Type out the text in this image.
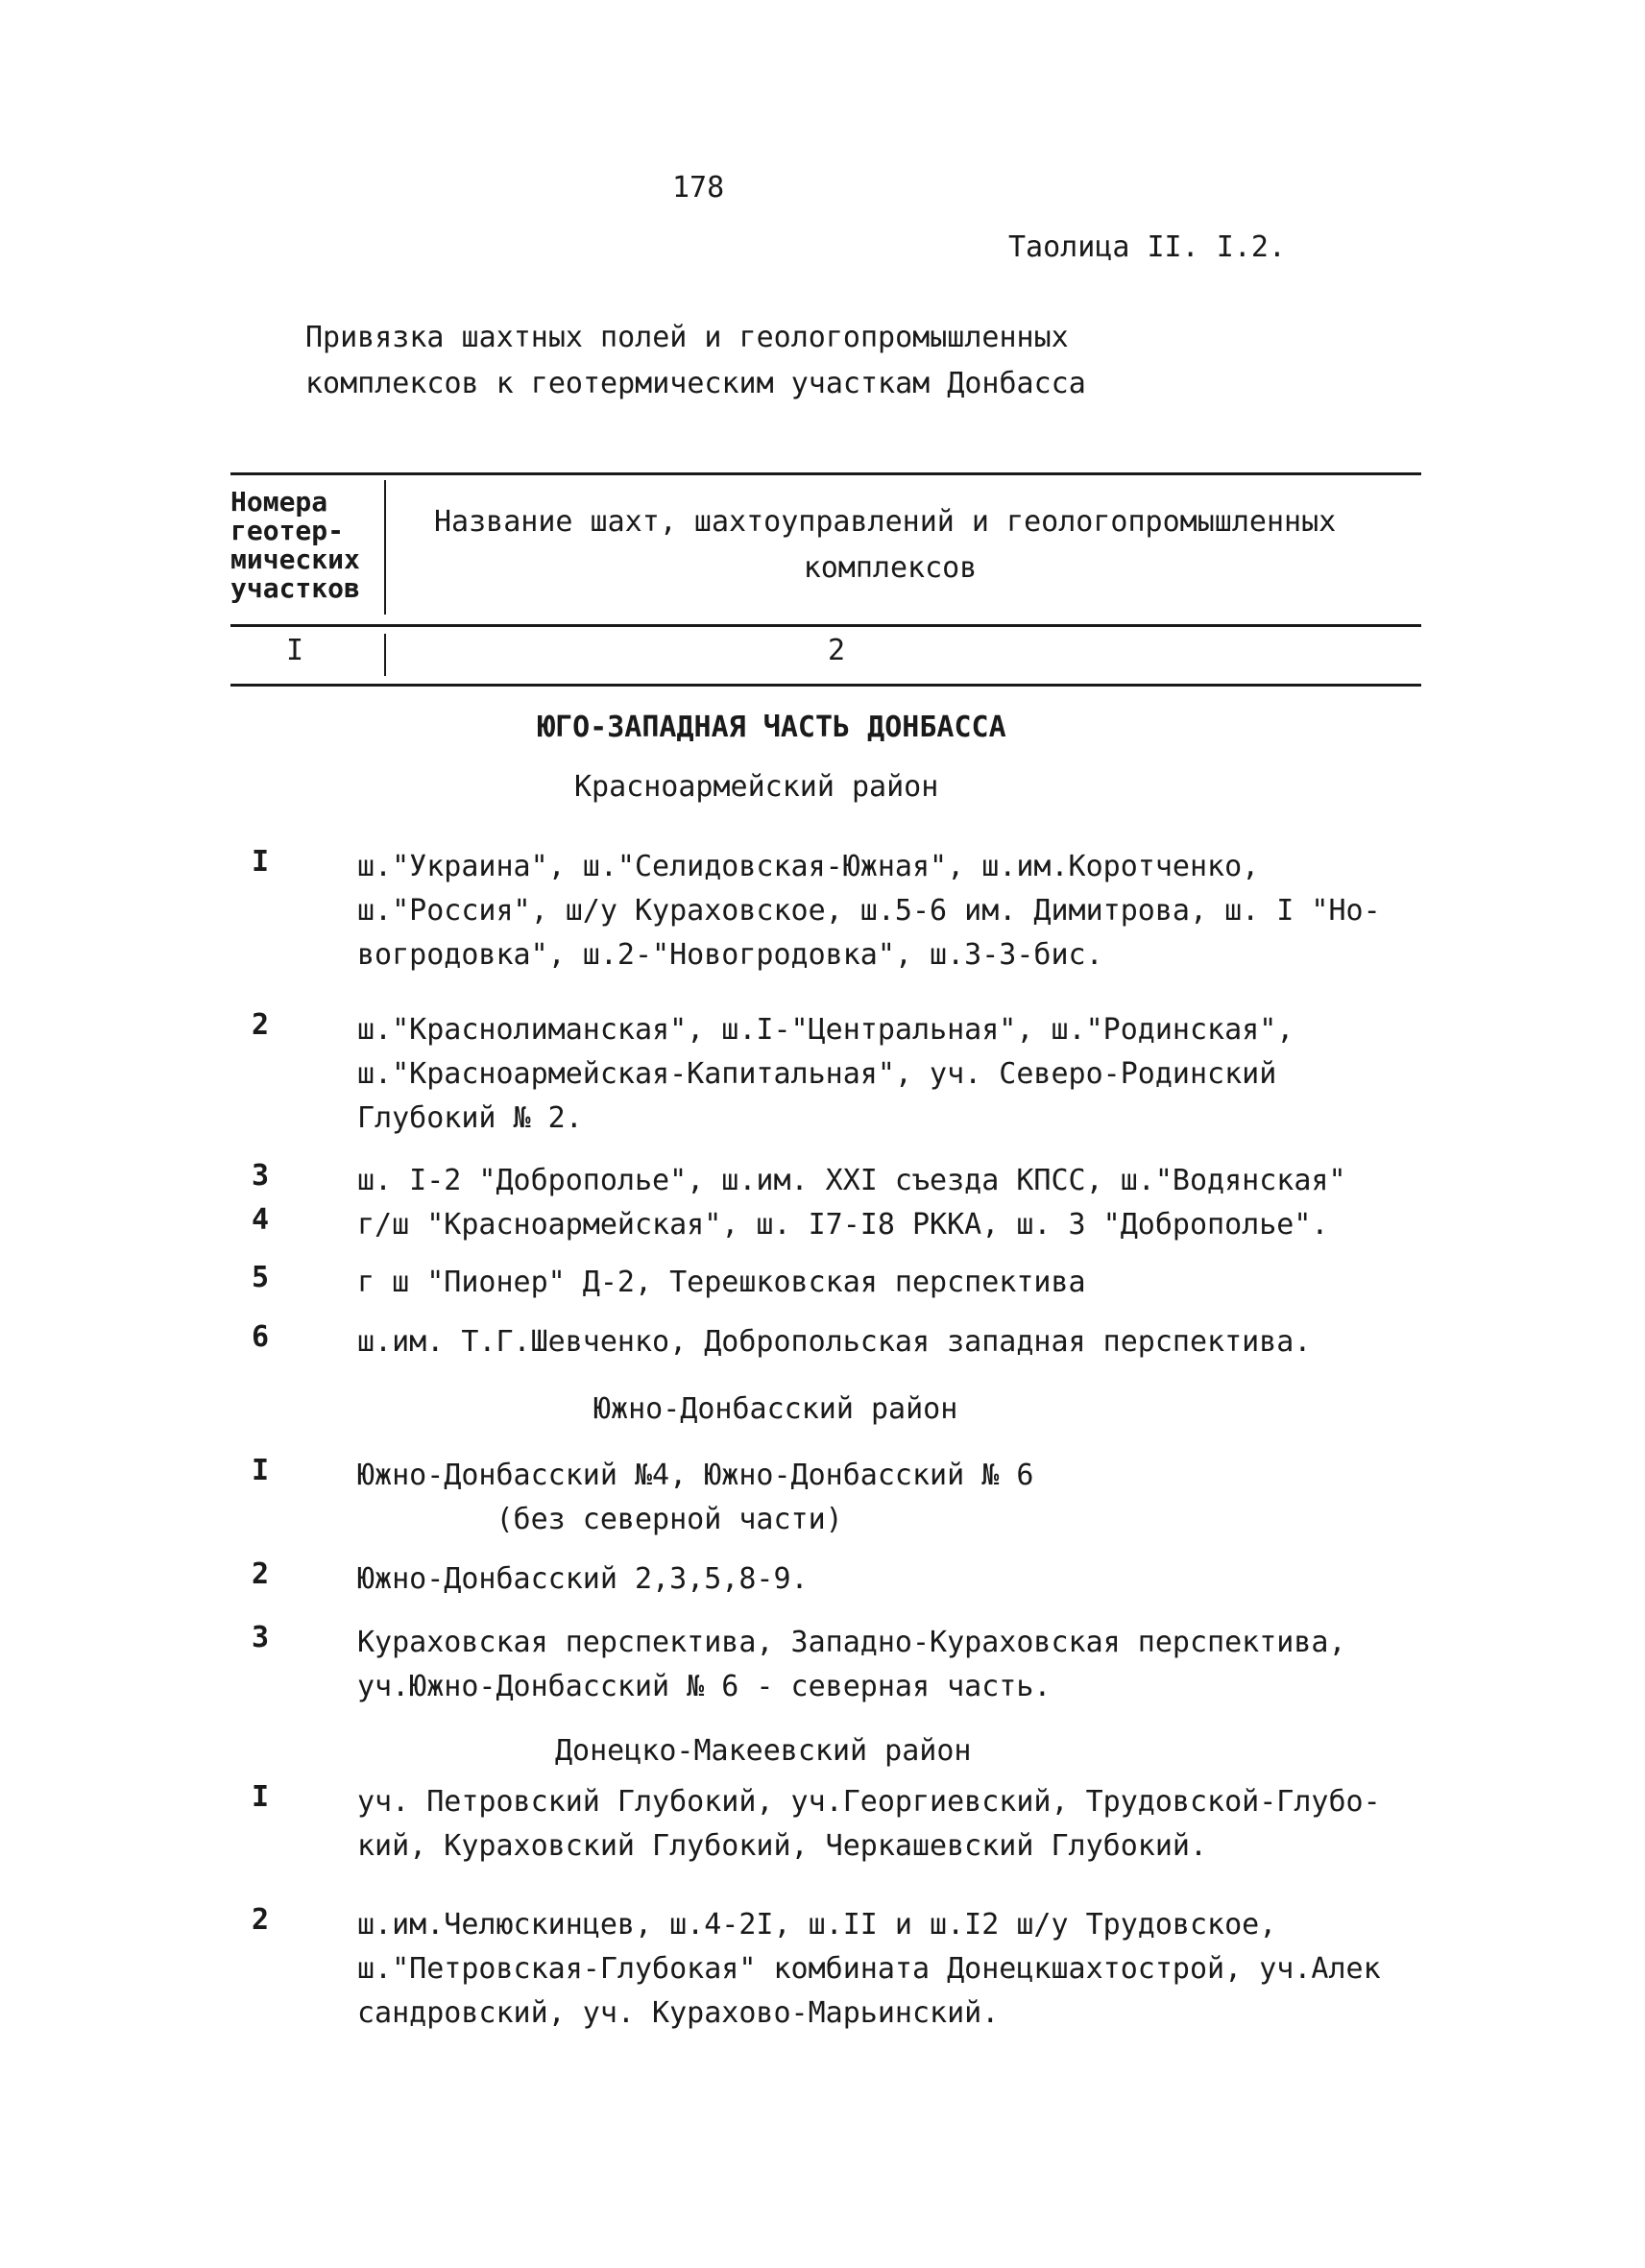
178
Таолица II. I.2.
Привязка шахтных полей и геологопромышленных
комплексов к геотермическим участкам Донбасса
Номера
геотер-
мических
участков
Название шахт, шахтоуправлений и геологопромышленных
комплексов
I	2
ЮГО-ЗАПАДНАЯ ЧАСТЬ ДОНБАССА
Красноармейский район
I	ш."Украина", ш."Селидовская-Южная", ш.им.Коротченко,
ш."Россия", ш/у Кураховское, ш.5-6 им. Димитрова, ш. I "Но-
вогродовка", ш.2-"Новогродовка", ш.3-3-бис.
2	ш."Краснолиманская", ш.I-"Центральная", ш."Родинская",
ш."Красноармейская-Капитальная", уч. Северо-Родинский
Глубокий № 2.
3	ш. I-2 "Доброполье", ш.им. XXI съезда КПСС, ш."Водянская"
4	г/ш "Красноармейская", ш. I7-I8 РККА, ш. 3 "Доброполье".
5	г ш "Пионер" Д-2, Терешковская перспектива
6	ш.им. Т.Г.Шевченко, Добропольская западная перспектива.
Южно-Донбасский район
I	Южно-Донбасский №4, Южно-Донбасский № 6
(без северной части)
2	Южно-Донбасский 2,3,5,8-9.
3	Кураховская перспектива, Западно-Кураховская перспектива,
уч.Южно-Донбасский № 6 - северная часть.
Донецко-Макеевский район
I	уч. Петровский Глубокий, уч.Георгиевский, Трудовской-Глубо-
кий, Кураховский Глубокий, Черкашевский Глубокий.
2	ш.им.Челюскинцев, ш.4-2I, ш.II и ш.I2 ш/у Трудовское,
ш."Петровская-Глубокая" комбината Донецкшахтострой, уч.Алек
сандровский, уч. Курахово-Марьинский.
